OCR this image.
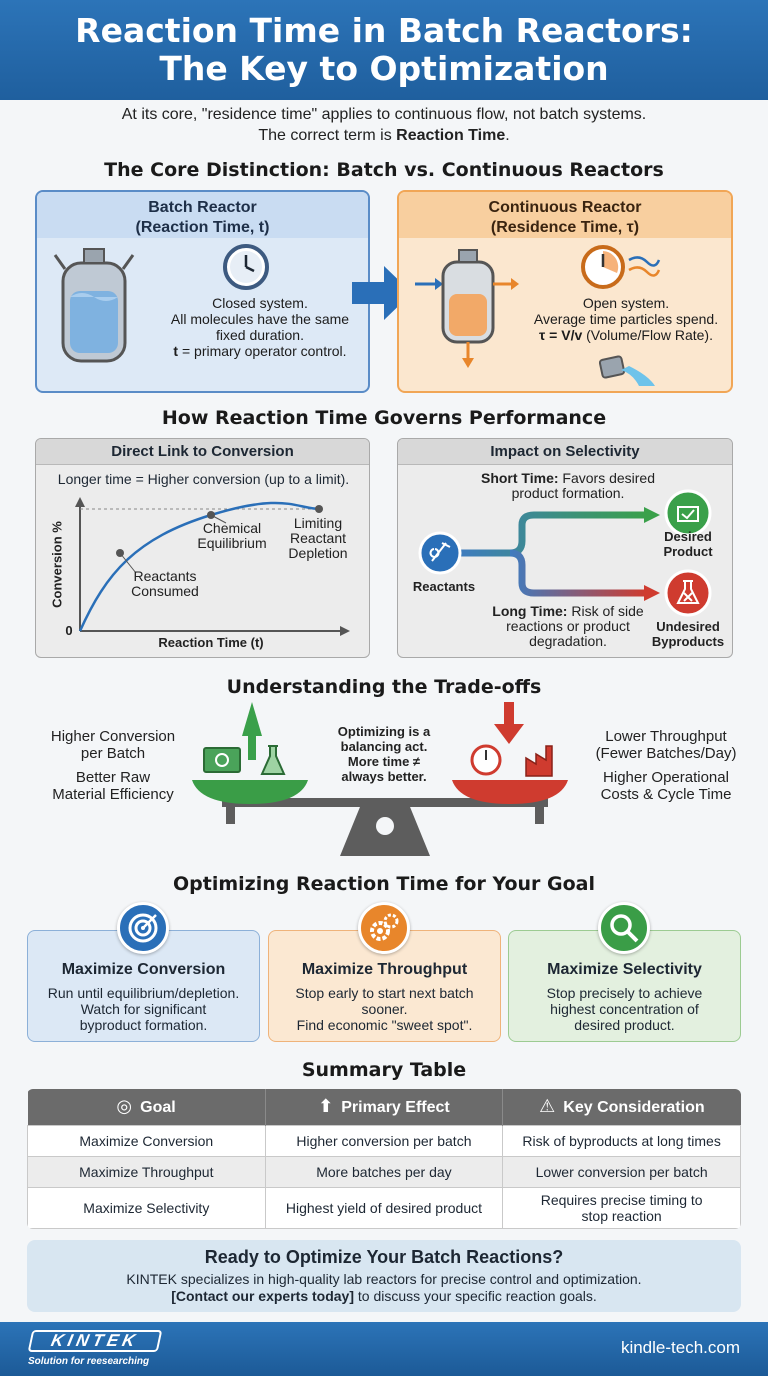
Reaction Time in Batch Reactors:
The Key to Optimization
At its core, "residence time" applies to continuous flow, not batch systems.
The correct term is Reaction Time.
The Core Distinction: Batch vs. Continuous Reactors
Batch Reactor
(Reaction Time, t)
Closed system.
All molecules have the same
fixed duration.
t = primary operator control.
Continuous Reactor
(Residence Time, τ)
Open system.
Average time particles spend.
τ = V/v (Volume/Flow Rate).
How Reaction Time Governs Performance
Direct Link to Conversion
Longer time = Higher conversion (up to a limit).
Conversion %
0
Reaction Time (t)
Reactants
Consumed
Chemical
Equilibrium
Limiting
Reactant
Depletion
Impact on Selectivity
Short Time: Favors desired
product formation.
Reactants
Desired
Product
Long Time: Risk of side
reactions or product
degradation.
Undesired
Byproducts
Understanding the Trade-offs
Higher Conversion
per Batch
Better Raw
Material Efficiency
Optimizing is a
balancing act.
More time ≠
always better.
Lower Throughput
(Fewer Batches/Day)
Higher Operational
Costs & Cycle Time
Optimizing Reaction Time for Your Goal
Maximize Conversion
Run until equilibrium/depletion.
Watch for significant
byproduct formation.
Maximize Throughput
Stop early to start next batch
sooner.
Find economic "sweet spot".
Maximize Selectivity
Stop precisely to achieve
highest concentration of
desired product.
Summary Table
◎ Goal	⬆ Primary Effect	⚠ Key Consideration
Maximize Conversion	Higher conversion per batch	Risk of byproducts at long times
Maximize Throughput	More batches per day	Lower conversion per batch
Maximize Selectivity	Highest yield of desired product	Requires precise timing to stop reaction
Ready to Optimize Your Batch Reactions?
KINTEK specializes in high-quality lab reactors for precise control and optimization.
[Contact our experts today] to discuss your specific reaction goals.
KINTEK
Solution for reesearching
kindle-tech.com
